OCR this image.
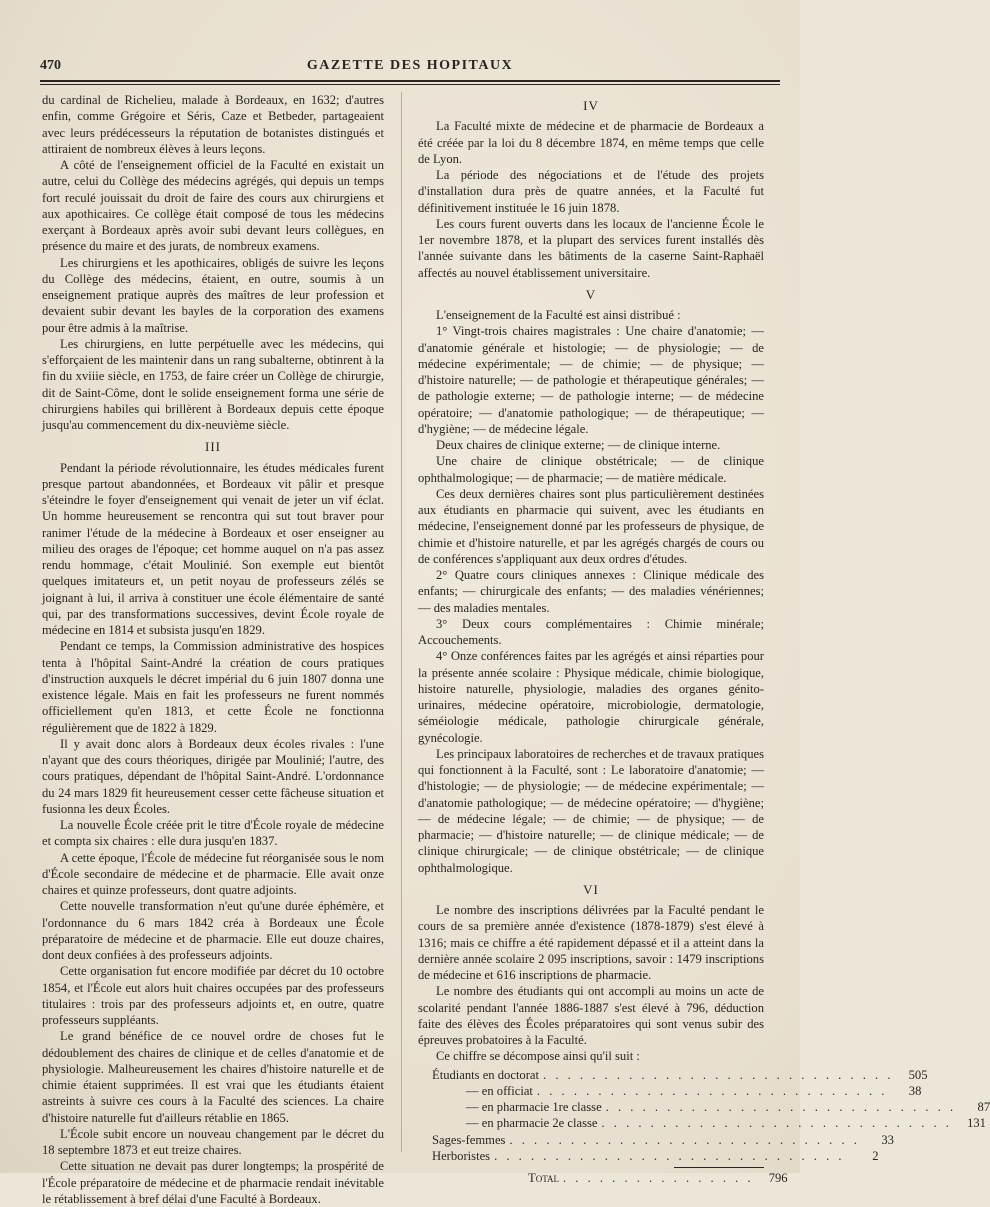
470	GAZETTE DES HOPITAUX

du cardinal de Richelieu, malade à Bordeaux, en 1632; d'autres enfin, comme Grégoire et Séris, Caze et Betbeder, partageaient avec leurs prédécesseurs la réputation de botanistes distingués et attiraient de nombreux élèves à leurs leçons.

A côté de l'enseignement officiel de la Faculté en existait un autre, celui du Collège des médecins agrégés, qui depuis un temps fort reculé jouissait du droit de faire des cours aux chirurgiens et aux apothicaires. Ce collège était composé de tous les médecins exerçant à Bordeaux après avoir subi devant leurs collègues, en présence du maire et des jurats, de nombreux examens.

Les chirurgiens et les apothicaires, obligés de suivre les leçons du Collège des médecins, étaient, en outre, soumis à un enseignement pratique auprès des maîtres de leur profession et devaient subir devant les bayles de la corporation des examens pour être admis à la maîtrise.

Les chirurgiens, en lutte perpétuelle avec les médecins, qui s'efforçaient de les maintenir dans un rang subalterne, obtinrent à la fin du xviiie siècle, en 1753, de faire créer un Collège de chirurgie, dit de Saint-Côme, dont le solide enseignement forma une série de chirurgiens habiles qui brillèrent à Bordeaux depuis cette époque jusqu'au commencement du dix-neuvième siècle.

III

Pendant la période révolutionnaire, les études médicales furent presque partout abandonnées, et Bordeaux vit pâlir et presque s'éteindre le foyer d'enseignement qui venait de jeter un vif éclat. Un homme heureusement se rencontra qui sut tout braver pour ranimer l'étude de la médecine à Bordeaux et oser enseigner au milieu des orages de l'époque; cet homme auquel on n'a pas assez rendu hommage, c'était Moulinié. Son exemple eut bientôt quelques imitateurs et, un petit noyau de professeurs zélés se joignant à lui, il arriva à constituer une école élémentaire de santé qui, par des transformations successives, devint École royale de médecine en 1814 et subsista jusqu'en 1829.

Pendant ce temps, la Commission administrative des hospices tenta à l'hôpital Saint-André la création de cours pratiques d'instruction auxquels le décret impérial du 6 juin 1807 donna une existence légale. Mais en fait les professeurs ne furent nommés officiellement qu'en 1813, et cette École ne fonctionna régulièrement que de 1822 à 1829.

Il y avait donc alors à Bordeaux deux écoles rivales : l'une n'ayant que des cours théoriques, dirigée par Moulinié; l'autre, des cours pratiques, dépendant de l'hôpital Saint-André. L'ordonnance du 24 mars 1829 fit heureusement cesser cette fâcheuse situation et fusionna les deux Écoles.

La nouvelle École créée prit le titre d'École royale de médecine et compta six chaires : elle dura jusqu'en 1837.

A cette époque, l'École de médecine fut réorganisée sous le nom d'École secondaire de médecine et de pharmacie. Elle avait onze chaires et quinze professeurs, dont quatre adjoints.

Cette nouvelle transformation n'eut qu'une durée éphémère, et l'ordonnance du 6 mars 1842 créa à Bordeaux une École préparatoire de médecine et de pharmacie. Elle eut douze chaires, dont deux confiées à des professeurs adjoints.

Cette organisation fut encore modifiée par décret du 10 octobre 1854, et l'École eut alors huit chaires occupées par des professeurs titulaires : trois par des professeurs adjoints et, en outre, quatre professeurs suppléants.

Le grand bénéfice de ce nouvel ordre de choses fut le dédoublement des chaires de clinique et de celles d'anatomie et de physiologie. Malheureusement les chaires d'histoire naturelle et de chimie étaient supprimées. Il est vrai que les étudiants étaient astreints à suivre ces cours à la Faculté des sciences. La chaire d'histoire naturelle fut d'ailleurs rétablie en 1865.

L'École subit encore un nouveau changement par le décret du 18 septembre 1873 et eut treize chaires.

Cette situation ne devait pas durer longtemps; la prospérité de l'École préparatoire de médecine et de pharmacie rendait inévitable le rétablissement à bref délai d'une Faculté à Bordeaux.

IV

La Faculté mixte de médecine et de pharmacie de Bordeaux a été créée par la loi du 8 décembre 1874, en même temps que celle de Lyon.

La période des négociations et de l'étude des projets d'installation dura près de quatre années, et la Faculté fut définitivement instituée le 16 juin 1878.

Les cours furent ouverts dans les locaux de l'ancienne École le 1er novembre 1878, et la plupart des services furent installés dès l'année suivante dans les bâtiments de la caserne Saint-Raphaël affectés au nouvel établissement universitaire.

V

L'enseignement de la Faculté est ainsi distribué :

1° Vingt-trois chaires magistrales : Une chaire d'anatomie; — d'anatomie générale et histologie; — de physiologie; — de médecine expérimentale; — de chimie; — de physique; — d'histoire naturelle; — de pathologie et thérapeutique générales; — de pathologie externe; — de pathologie interne; — de médecine opératoire; — d'anatomie pathologique; — de thérapeutique; — d'hygiène; — de médecine légale.

Deux chaires de clinique externe; — de clinique interne.

Une chaire de clinique obstétricale; — de clinique ophthalmologique; — de pharmacie; — de matière médicale.

Ces deux dernières chaires sont plus particulièrement destinées aux étudiants en pharmacie qui suivent, avec les étudiants en médecine, l'enseignement donné par les professeurs de physique, de chimie et d'histoire naturelle, et par les agrégés chargés de cours ou de conférences s'appliquant aux deux ordres d'études.

2° Quatre cours cliniques annexes : Clinique médicale des enfants; — chirurgicale des enfants; — des maladies vénériennes; — des maladies mentales.

3° Deux cours complémentaires : Chimie minérale; Accouchements.

4° Onze conférences faites par les agrégés et ainsi réparties pour la présente année scolaire : Physique médicale, chimie biologique, histoire naturelle, physiologie, maladies des organes génito-urinaires, médecine opératoire, microbiologie, dermatologie, séméiologie médicale, pathologie chirurgicale générale, gynécologie.

Les principaux laboratoires de recherches et de travaux pratiques qui fonctionnent à la Faculté, sont : Le laboratoire d'anatomie; — d'histologie; — de physiologie; — de médecine expérimentale; — d'anatomie pathologique; — de médecine opératoire; — d'hygiène; — de médecine légale; — de chimie; — de physique; — de pharmacie; — d'histoire naturelle; — de clinique médicale; — de clinique chirurgicale; — de clinique obstétricale; — de clinique ophthalmologique.

VI

Le nombre des inscriptions délivrées par la Faculté pendant le cours de sa première année d'existence (1878-1879) s'est élevé à 1316; mais ce chiffre a été rapidement dépassé et il a atteint dans la dernière année scolaire 2 095 inscriptions, savoir : 1479 inscriptions de médecine et 616 inscriptions de pharmacie.

Le nombre des étudiants qui ont accompli au moins un acte de scolarité pendant l'année 1886-1887 s'est élevé à 796, déduction faite des élèves des Écoles préparatoires qui sont venus subir des épreuves probatoires à la Faculté.

Ce chiffre se décompose ainsi qu'il suit :

Étudiants en doctorat . . . . . . . . . . . . . . . . . . . . . . . . . . . . .	505
— en officiat . . . . . . . . . . . . . . . . . . . . . . . . . . . . .	38
— en pharmacie 1re classe . . . . . . . . . . . . . . . . . . . . . . . . . . . . .	87
— en pharmacie 2e classe . . . . . . . . . . . . . . . . . . . . . . . . . . . . .	131
Sages-femmes . . . . . . . . . . . . . . . . . . . . . . . . . . . . .	33
Herboristes . . . . . . . . . . . . . . . . . . . . . . . . . . . . .	2
Total . . . . . . . . . . . . . . . .	796
